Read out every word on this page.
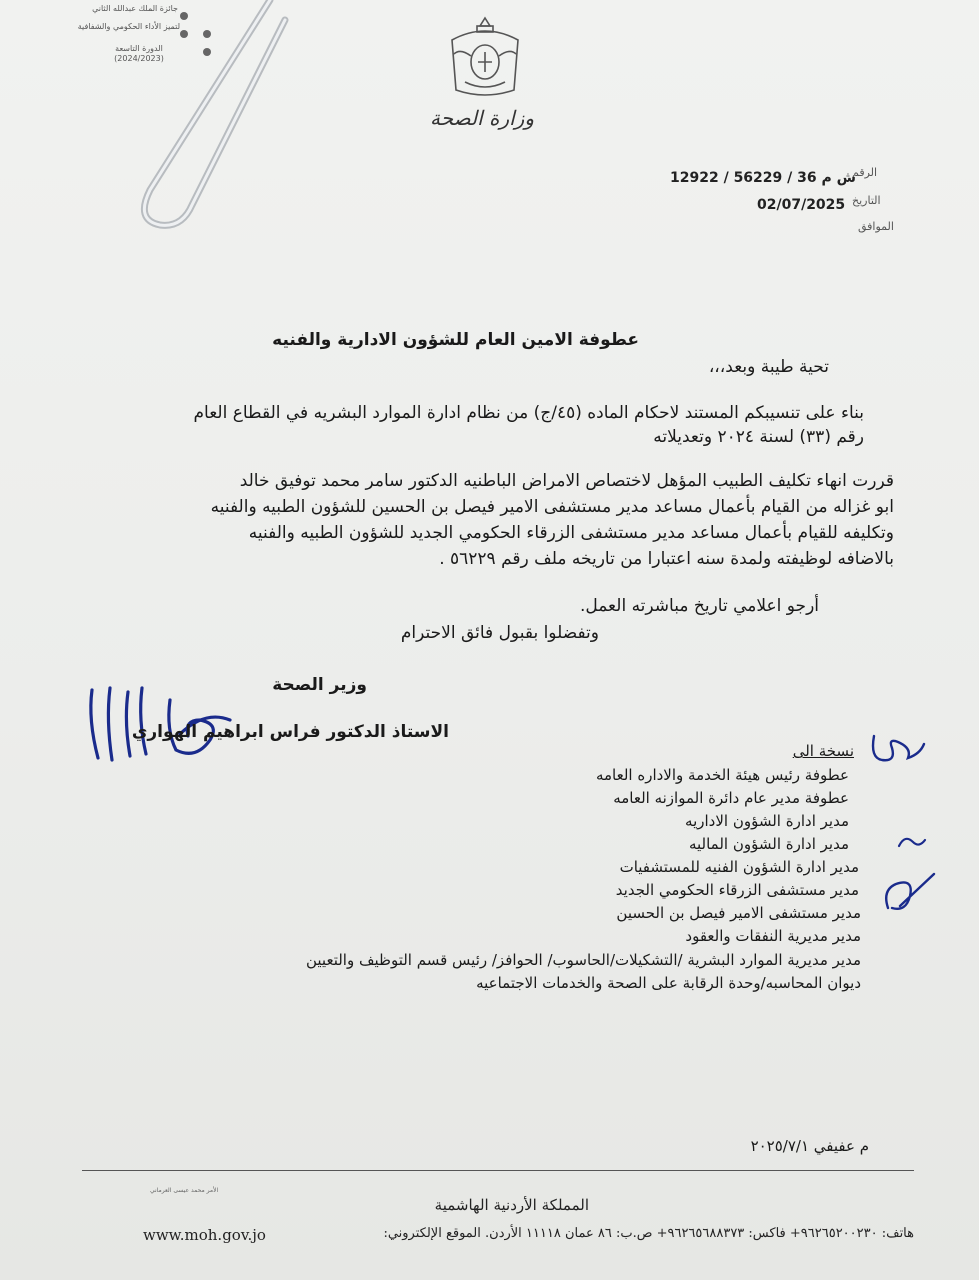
جائزة الملك عبدالله الثاني
لتميز الأداء الحكومي والشفافية
الدورة التاسعة
(2024/2023)
وزارة الصحة
الرقم
12922 / 56229 / 36 ش م
التاريخ
02/07/2025
الموافق
عطوفة الامين العام للشؤون الادارية والفنيه
تحية طيبة وبعد،،،
بناء على تنسيبكم المستند لاحكام الماده (٤٥/ج) من نظام ادارة الموارد البشريه في القطاع العام
رقم (٣٣) لسنة ٢٠٢٤ وتعديلاته
قررت انهاء تكليف الطبيب المؤهل لاختصاص الامراض الباطنيه الدكتور سامر محمد توفيق خالد
ابو غزاله من القيام بأعمال مساعد مدير مستشفى الامير فيصل بن الحسين للشؤون الطبيه والفنيه
وتكليفه للقيام بأعمال مساعد مدير مستشفى الزرقاء الحكومي الجديد للشؤون الطبيه والفنيه
بالاضافه لوظيفته ولمدة سنه اعتبارا من تاريخه ملف رقم ٥٦٢٢٩ .
أرجو اعلامي تاريخ مباشرته العمل.
وتفضلوا بقبول فائق الاحترام
وزير الصحة
الاستاذ الدكتور فراس ابراهيم الهواري
نسخة الى
عطوفة رئيس هيئة الخدمة والاداره العامه
عطوفة مدير عام دائرة الموازنه العامه
مدير ادارة الشؤون الاداريه
مدير ادارة الشؤون الماليه
مدير ادارة الشؤون الفنيه للمستشفيات
مدير مستشفى الزرقاء الحكومي الجديد
مدير مستشفى الامير فيصل بن الحسين
مدير مديرية النفقات والعقود
مدير مديرية الموارد البشرية /التشكيلات/الحاسوب/ الحوافز/ رئيس قسم التوظيف والتعيين
ديوان المحاسبه/وحدة الرقابة على الصحة والخدمات الاجتماعيه
م عفيفي ٢٠٢٥/٧/١
الأمر محمد عيسى العرماني
المملكة الأردنية الهاشمية
www.moh.gov.jo	هاتف: ٩٦٢٦٥٢٠٠٢٣٠+ فاكس: ٩٦٢٦٥٦٨٨٣٧٣+ ص.ب: ٨٦ عمان ١١١١٨ الأردن. الموقع الإلكتروني:
